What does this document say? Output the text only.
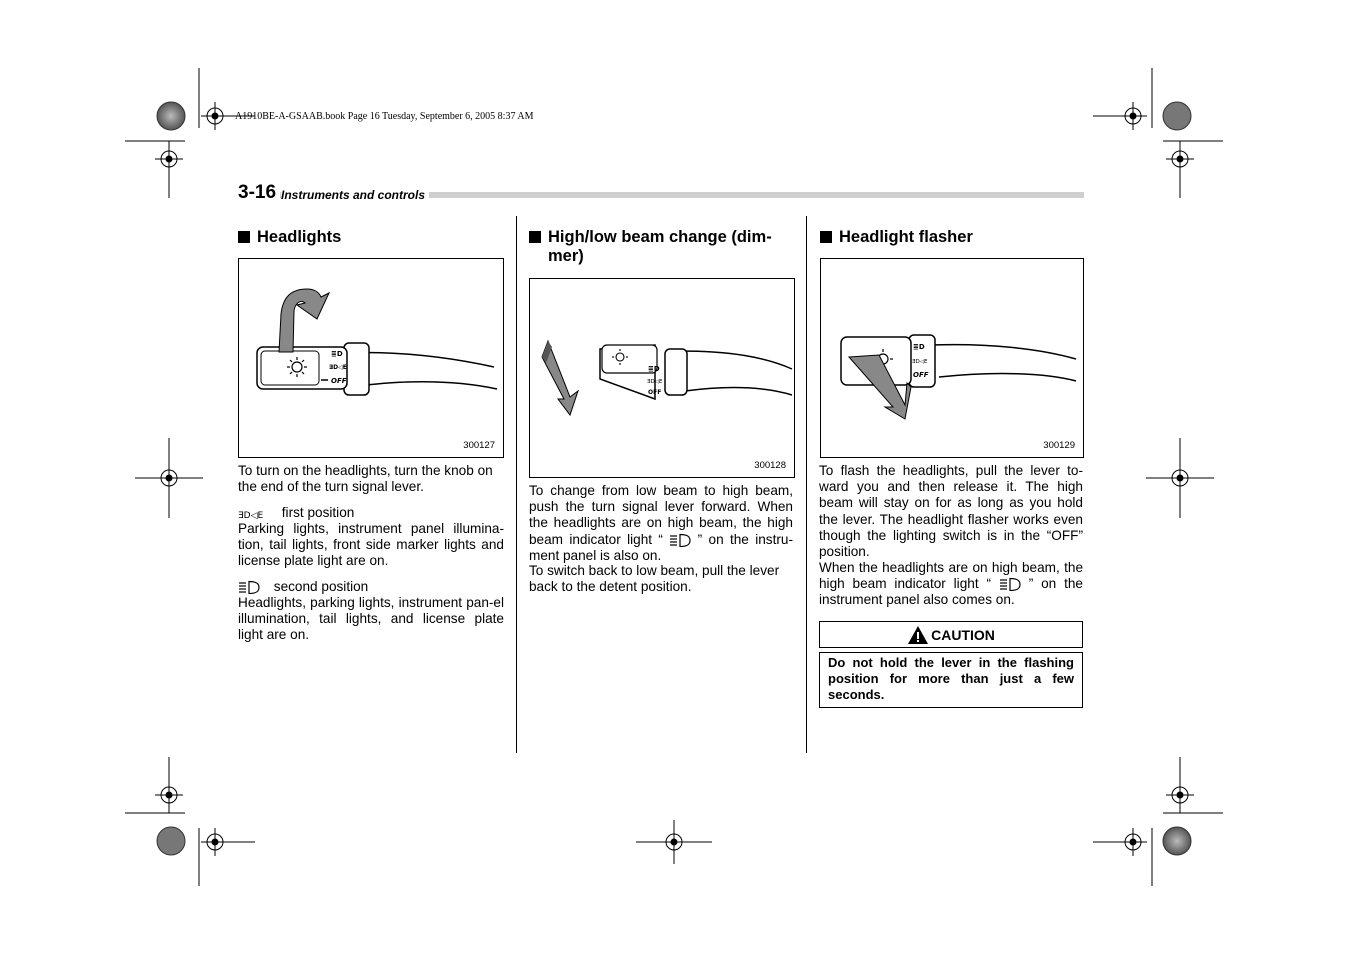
A1910BE-A-GSAAB.book Page 16 Tuesday, September 6, 2005 8:37 AM
3-16 Instruments and controls
Headlights
≣D
∃D◁E
OFF
300127
To turn on the headlights, turn the knob on the end of the turn signal lever.
∃D◁E first position
Parking lights, instrument panel illumina-tion, tail lights, front side marker lights and license plate light are on.
second position
Headlights, parking lights, instrument pan-el illumination, tail lights, and license plate light are on.
High/low beam change (dim-mer)
≣D
∃D◁E
OFF
300128
To change from low beam to high beam, push the turn signal lever forward. When the headlights are on high beam, the high beam indicator light “	” on the instru-ment panel is also on.
To switch back to low beam, pull the lever back to the detent position.
Headlight flasher
≣D
∃D◁E
OFF
300129
To flash the headlights, pull the lever to-ward you and then release it. The high beam will stay on for as long as you hold the lever. The headlight flasher works even though the lighting switch is in the “OFF” position.
When the headlights are on high beam, the high beam indicator light “	” on the instrument panel also comes on.
CAUTION
Do not hold the lever in the flashing position for more than just a few seconds.
